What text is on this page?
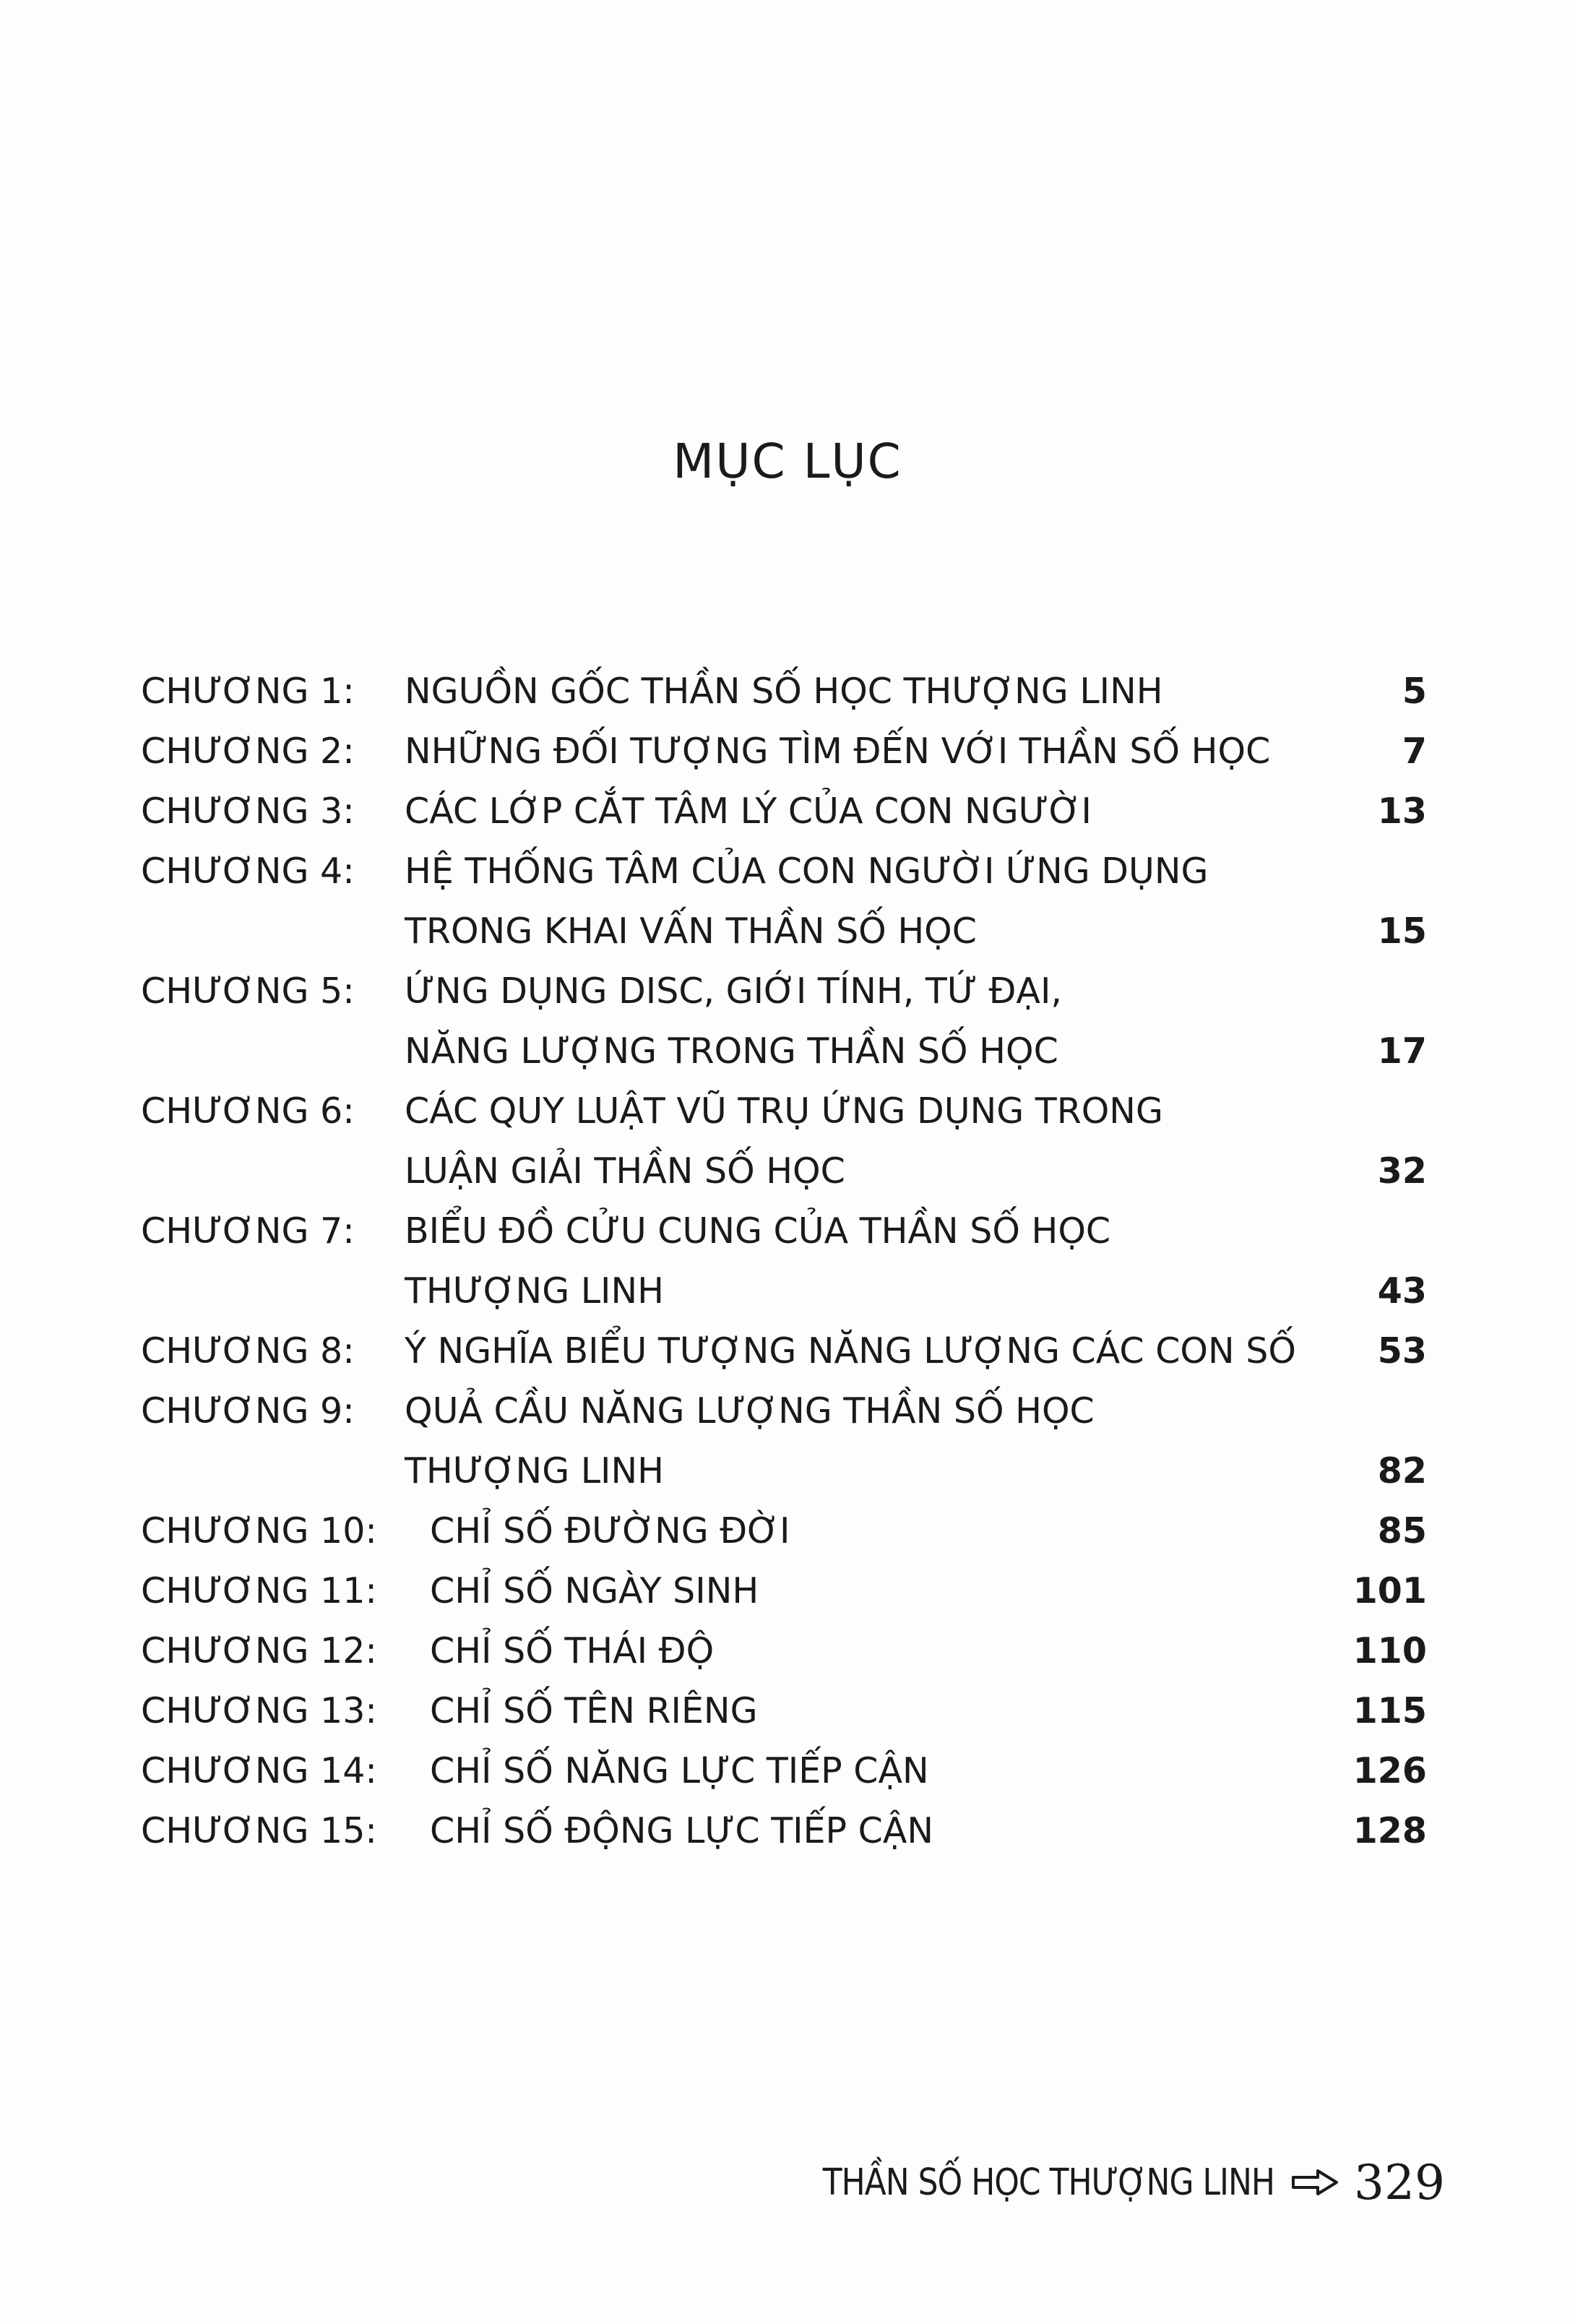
MỤC LỤC
CHƯƠNG 1: NGUỒN GỐC THẦN SỐ HỌC THƯỢNG LINH	5
CHƯƠNG 2: NHỮNG ĐỐI TƯỢNG TÌM ĐẾN VỚI THẦN SỐ HỌC	7
CHƯƠNG 3: CÁC LỚP CẮT TÂM LÝ CỦA CON NGƯỜI	13
CHƯƠNG 4: HỆ THỐNG TÂM CỦA CON NGƯỜI ỨNG DỤNG
TRONG KHAI VẤN THẦN SỐ HỌC	15
CHƯƠNG 5: ỨNG DỤNG DISC, GIỚI TÍNH, TỨ ĐẠI,
NĂNG LƯỢNG TRONG THẦN SỐ HỌC	17
CHƯƠNG 6: CÁC QUY LUẬT VŨ TRỤ ỨNG DỤNG TRONG
LUẬN GIẢI THẦN SỐ HỌC	32
CHƯƠNG 7: BIỂU ĐỒ CỬU CUNG CỦA THẦN SỐ HỌC
THƯỢNG LINH	43
CHƯƠNG 8: Ý NGHĨA BIỂU TƯỢNG NĂNG LƯỢNG CÁC CON SỐ 53
CHƯƠNG 9: QUẢ CẦU NĂNG LƯỢNG THẦN SỐ HỌC
THƯỢNG LINH	82
CHƯƠNG 10: CHỈ SỐ ĐƯỜNG ĐỜI	85
CHƯƠNG 11: CHỈ SỐ NGÀY SINH	101
CHƯƠNG 12: CHỈ SỐ THÁI ĐỘ	110
CHƯƠNG 13: CHỈ SỐ TÊN RIÊNG	115
CHƯƠNG 14: CHỈ SỐ NĂNG LỰC TIẾP CẬN	126
CHƯƠNG 15: CHỈ SỐ ĐỘNG LỰC TIẾP CẬN	128
THẦN SỐ HỌC THƯỢNG LINH 329
